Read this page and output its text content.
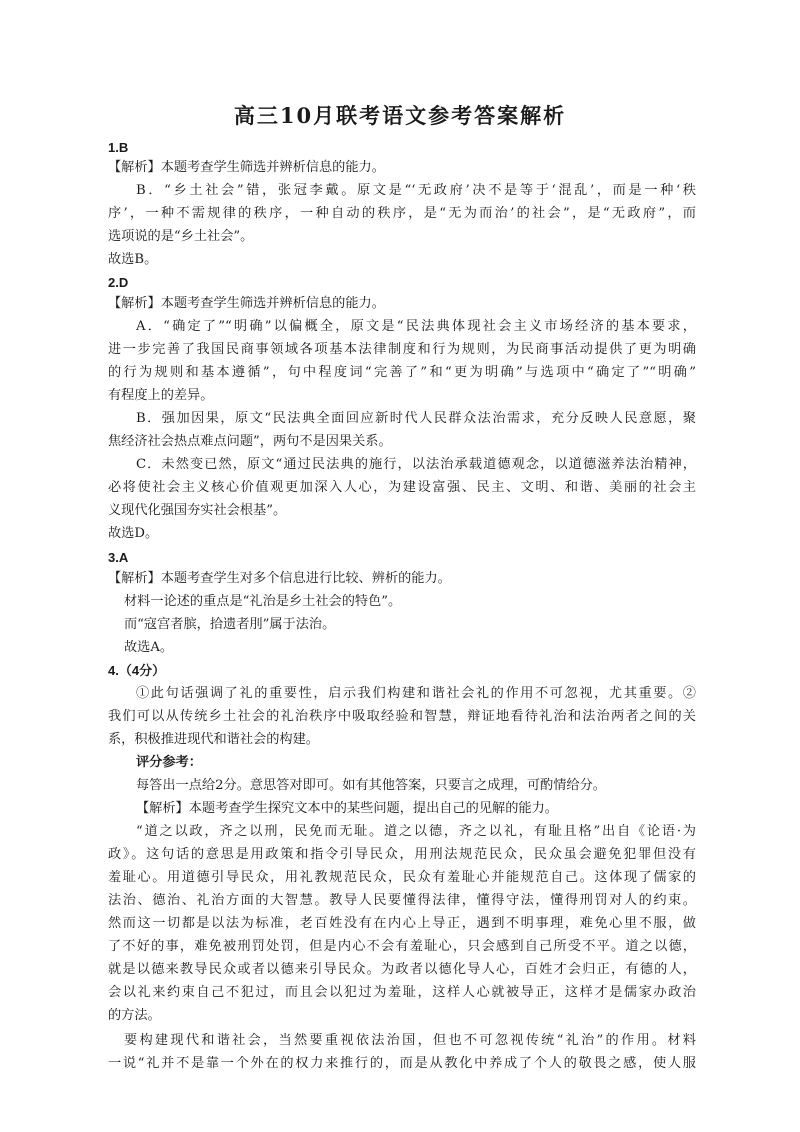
高三10月联考语文参考答案解析
1.B
【解析】本题考查学生筛选并辨析信息的能力。
B．“乡土社会”错，张冠李戴。原文是“‘无政府’决不是等于‘混乱’，而是一种‘秩
序’，一种不需规律的秩序，一种自动的秩序，是“无为而治’的社会”，是“无政府”，而
选项说的是“乡土社会”。
故选B。
2.D
【解析】本题考查学生筛选并辨析信息的能力。
A．“确定了”“明确”以偏概全，原文是“民法典体现社会主义市场经济的基本要求，
进一步完善了我国民商事领域各项基本法律制度和行为规则，为民商事活动提供了更为明确
的行为规则和基本遵循”，句中程度词“完善了”和“更为明确”与选项中“确定了”“明确”
有程度上的差异。
B．强加因果，原文“民法典全面回应新时代人民群众法治需求，充分反映人民意愿，聚
焦经济社会热点难点问题”，两句不是因果关系。
C．未然变已然，原文“通过民法典的施行，以法治承载道德观念，以道德滋养法治精神，
必将使社会主义核心价值观更加深入人心，为建设富强、民主、文明、和谐、美丽的社会主
义现代化强国夯实社会根基”。
故选D。
3.A
【解析】本题考查学生对多个信息进行比较、辨析的能力。
材料一论述的重点是“礼治是乡土社会的特色”。
而“寇宫者膑，拾遗者刖”属于法治。
故选A。
4.（4分）
①此句话强调了礼的重要性，启示我们构建和谐社会礼的作用不可忽视，尤其重要。②
我们可以从传统乡土社会的礼治秩序中吸取经验和智慧，辩证地看待礼治和法治两者之间的关
系，积极推进现代和谐社会的构建。
评分参考：
每答出一点给2分。意思答对即可。如有其他答案，只要言之成理，可酌情给分。
【解析】本题考查学生探究文本中的某些问题，提出自己的见解的能力。
“道之以政，齐之以刑，民免而无耻。道之以德，齐之以礼，有耻且格”出自《论语·为
政》。这句话的意思是用政策和指令引导民众，用刑法规范民众，民众虽会避免犯罪但没有
羞耻心。用道德引导民众，用礼教规范民众，民众有羞耻心并能规范自己。这体现了儒家的
法治、德治、礼治方面的大智慧。教导人民要懂得法律，懂得守法，懂得刑罚对人的约束。
然而这一切都是以法为标准，老百姓没有在内心上导正，遇到不明事理，难免心里不服，做
了不好的事，难免被刑罚处罚，但是内心不会有羞耻心，只会感到自己所受不平。道之以德，
就是以德来教导民众或者以德来引导民众。为政者以德化导人心，百姓才会归正，有德的人，
会以礼来约束自己不犯过，而且会以犯过为羞耻，这样人心就被导正，这样才是儒家办政治
的方法。
要构建现代和谐社会，当然要重视依法治国，但也不可忽视传统“礼治”的作用。材料
一说“礼并不是靠一个外在的权力来推行的，而是从教化中养成了个人的敬畏之感，使人服
